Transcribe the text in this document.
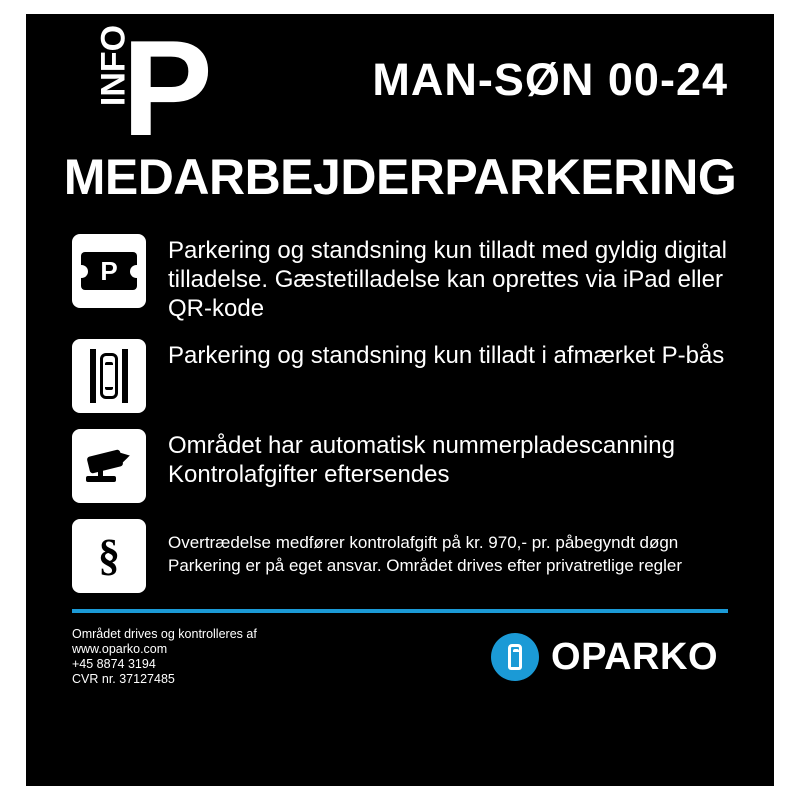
INFO
P	MAN-SØN 00-24
MEDARBEJDERPARKERING
P
Parkering og standsning kun tilladt med gyldig digital tilladelse. Gæstetilladelse kan oprettes via iPad eller QR-kode
Parkering og standsning kun tilladt i afmærket P-bås
Området har automatisk nummerpladescanning Kontrolafgifter eftersendes
§	Overtrædelse medfører kontrolafgift på kr. 970,- pr. påbegyndt døgn Parkering er på eget ansvar. Området drives efter privatretlige regler
Området drives og kontrolleres af
www.oparko.com
+45 8874 3194
CVR nr. 37127485
OPARKO
